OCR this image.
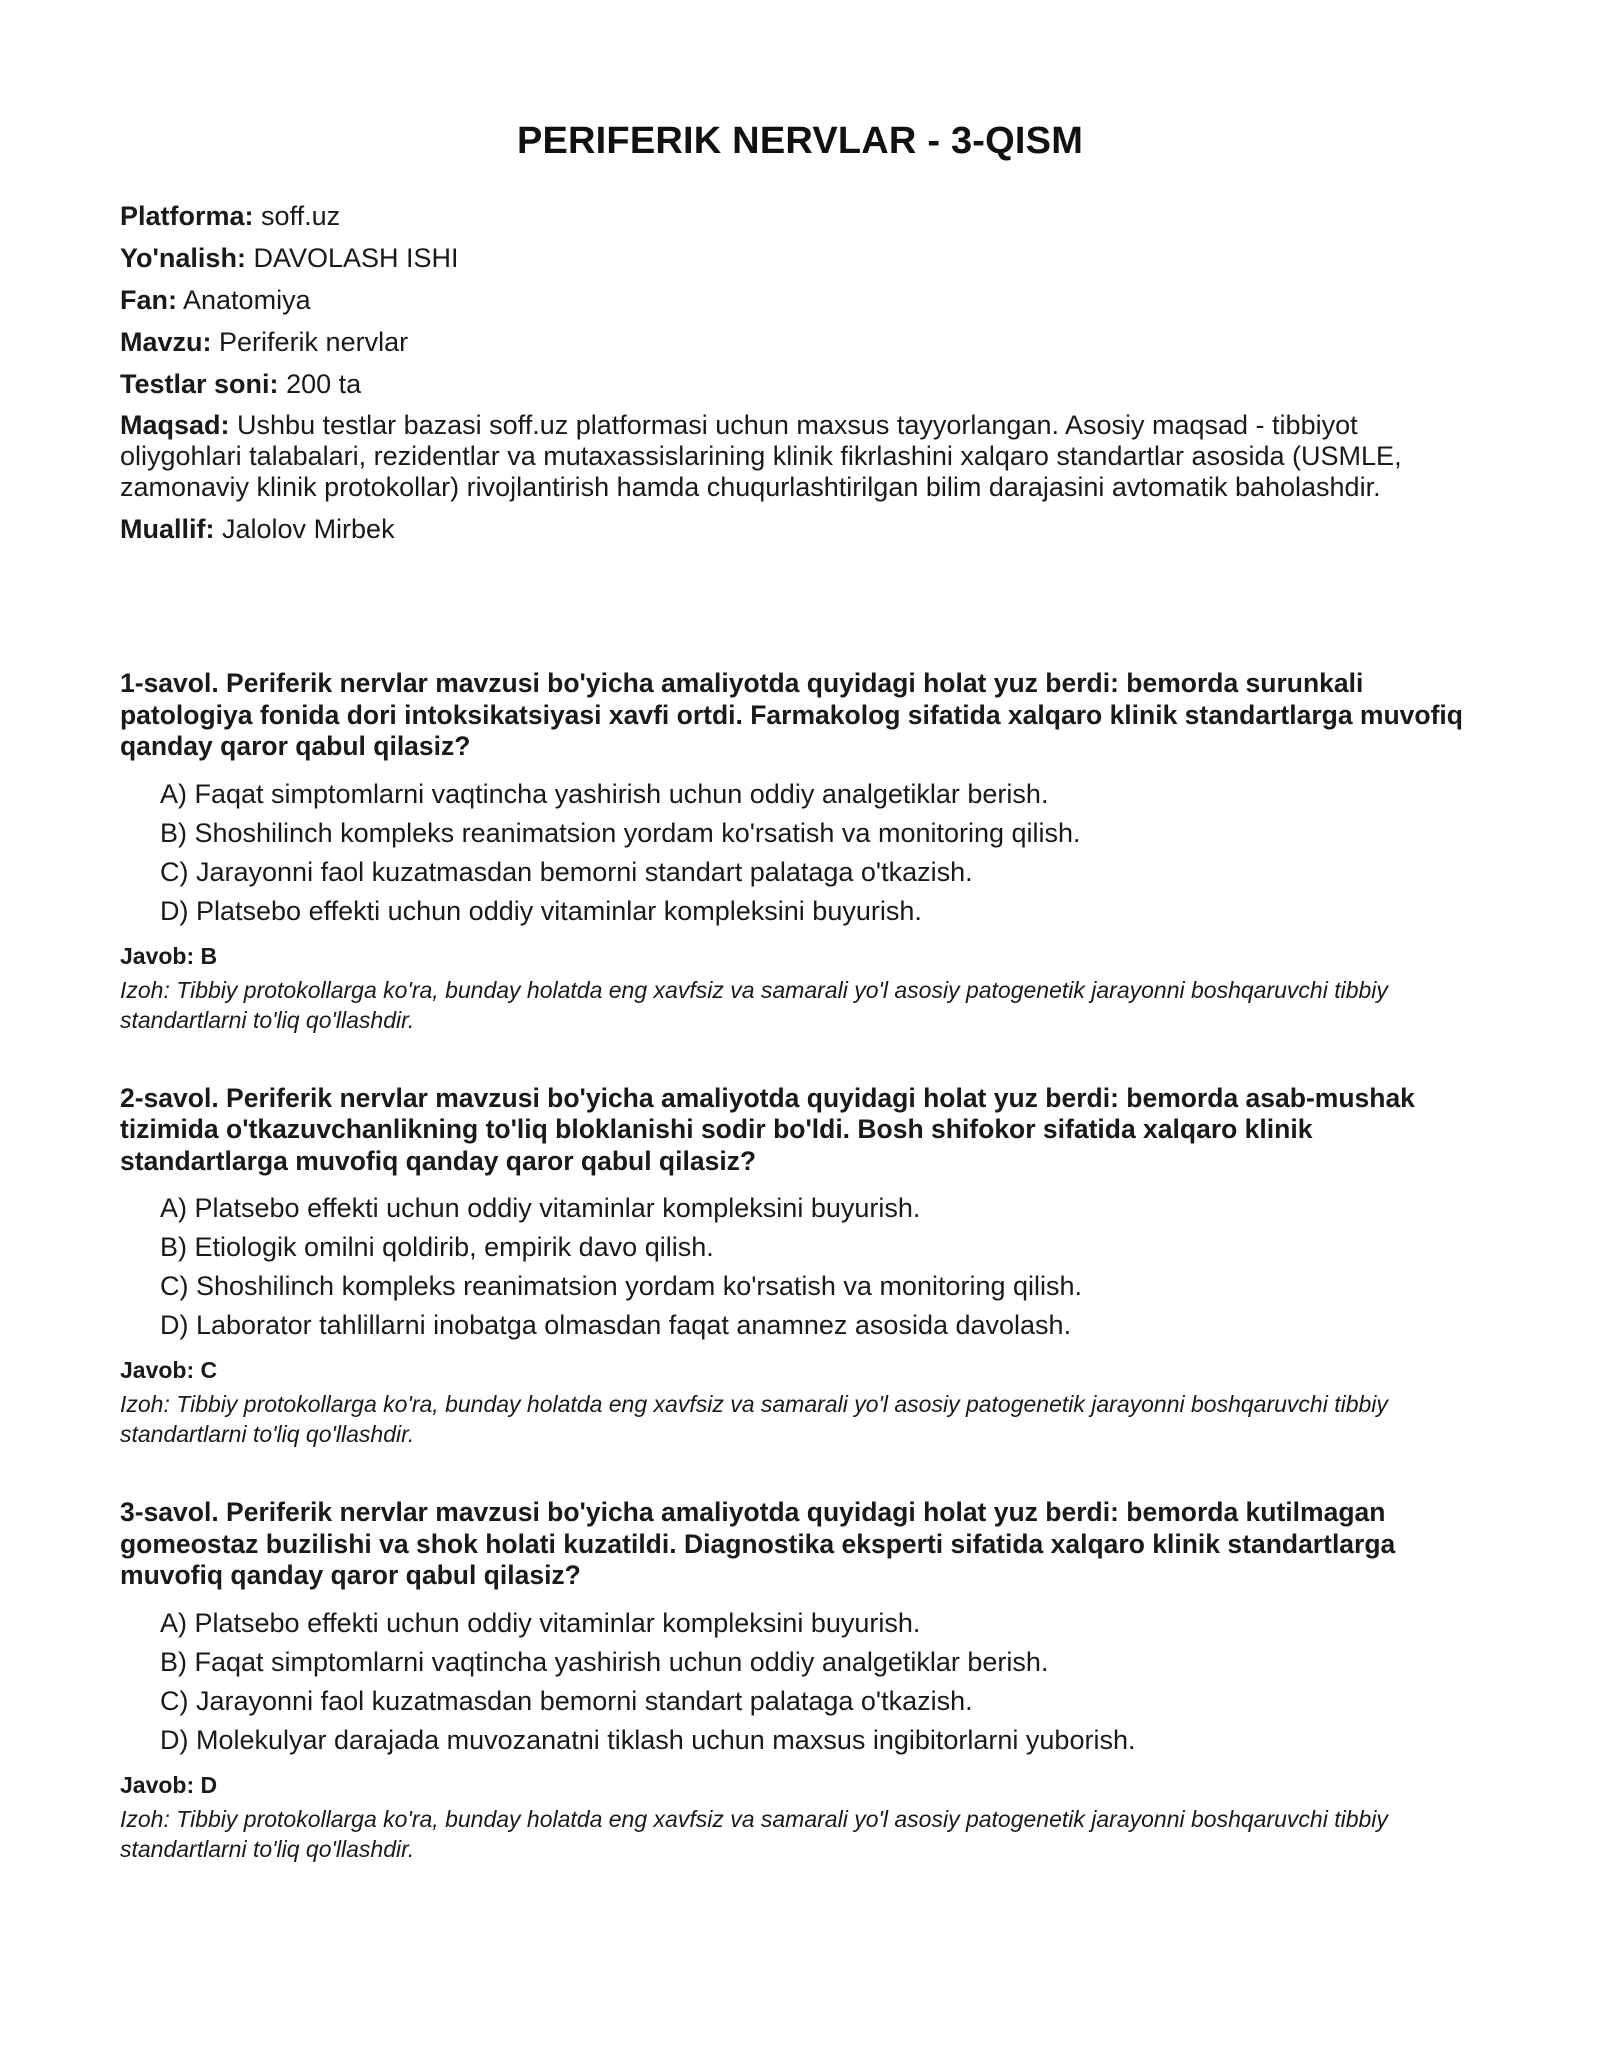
PERIFERIK NERVLAR - 3-QISM
Platforma: soff.uz
Yo'nalish: DAVOLASH ISHI
Fan: Anatomiya
Mavzu: Periferik nervlar
Testlar soni: 200 ta
Maqsad: Ushbu testlar bazasi soff.uz platformasi uchun maxsus tayyorlangan. Asosiy maqsad - tibbiyot oliygohlari talabalari, rezidentlar va mutaxassislarining klinik fikrlashini xalqaro standartlar asosida (USMLE, zamonaviy klinik protokollar) rivojlantirish hamda chuqurlashtirilgan bilim darajasini avtomatik baholashdir.
Muallif: Jalolov Mirbek
1-savol. Periferik nervlar mavzusi bo'yicha amaliyotda quyidagi holat yuz berdi: bemorda surunkali patologiya fonida dori intoksikatsiyasi xavfi ortdi. Farmakolog sifatida xalqaro klinik standartlarga muvofiq qanday qaror qabul qilasiz?
A) Faqat simptomlarni vaqtincha yashirish uchun oddiy analgetiklar berish.
B) Shoshilinch kompleks reanimatsion yordam ko'rsatish va monitoring qilish.
C) Jarayonni faol kuzatmasdan bemorni standart palataga o'tkazish.
D) Platsebo effekti uchun oddiy vitaminlar kompleksini buyurish.
Javob: B
Izoh: Tibbiy protokollarga ko'ra, bunday holatda eng xavfsiz va samarali yo'l asosiy patogenetik jarayonni boshqaruvchi tibbiy standartlarni to'liq qo'llashdir.
2-savol. Periferik nervlar mavzusi bo'yicha amaliyotda quyidagi holat yuz berdi: bemorda asab-mushak tizimida o'tkazuvchanlikning to'liq bloklanishi sodir bo'ldi. Bosh shifokor sifatida xalqaro klinik standartlarga muvofiq qanday qaror qabul qilasiz?
A) Platsebo effekti uchun oddiy vitaminlar kompleksini buyurish.
B) Etiologik omilni qoldirib, empirik davo qilish.
C) Shoshilinch kompleks reanimatsion yordam ko'rsatish va monitoring qilish.
D) Laborator tahlillarni inobatga olmasdan faqat anamnez asosida davolash.
Javob: C
Izoh: Tibbiy protokollarga ko'ra, bunday holatda eng xavfsiz va samarali yo'l asosiy patogenetik jarayonni boshqaruvchi tibbiy standartlarni to'liq qo'llashdir.
3-savol. Periferik nervlar mavzusi bo'yicha amaliyotda quyidagi holat yuz berdi: bemorda kutilmagan gomeostaz buzilishi va shok holati kuzatildi. Diagnostika eksperti sifatida xalqaro klinik standartlarga muvofiq qanday qaror qabul qilasiz?
A) Platsebo effekti uchun oddiy vitaminlar kompleksini buyurish.
B) Faqat simptomlarni vaqtincha yashirish uchun oddiy analgetiklar berish.
C) Jarayonni faol kuzatmasdan bemorni standart palataga o'tkazish.
D) Molekulyar darajada muvozanatni tiklash uchun maxsus ingibitorlarni yuborish.
Javob: D
Izoh: Tibbiy protokollarga ko'ra, bunday holatda eng xavfsiz va samarali yo'l asosiy patogenetik jarayonni boshqaruvchi tibbiy standartlarni to'liq qo'llashdir.
